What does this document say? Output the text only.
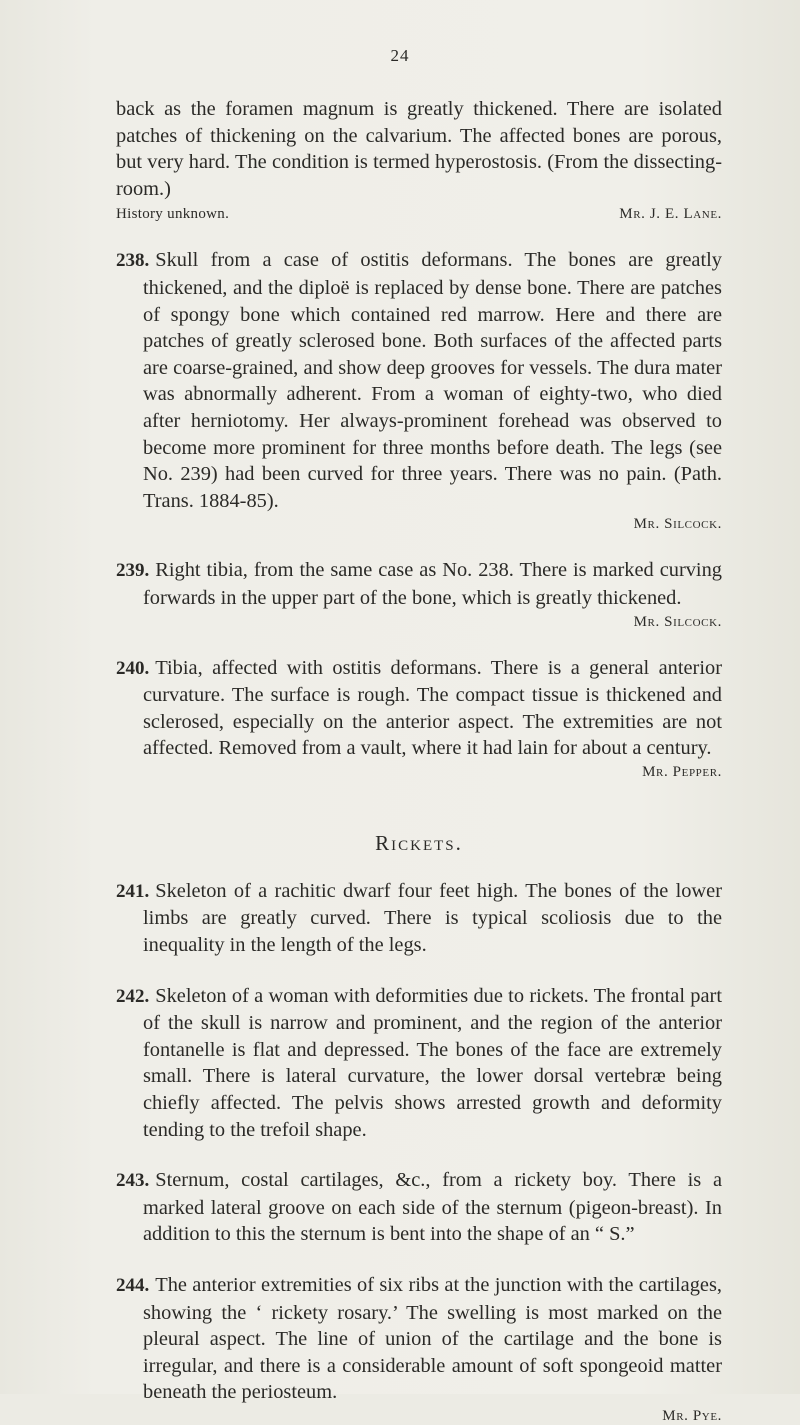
24

back as the foramen magnum is greatly thickened. There are isolated patches of thickening on the calvarium. The affected bones are porous, but very hard. The condition is termed hyperostosis. (From the dissecting-room.)

History unknown.	Mr. J. E. Lane.

238. Skull from a case of ostitis deformans. The bones are greatly thickened, and the diploë is replaced by dense bone. There are patches of spongy bone which contained red marrow. Here and there are patches of greatly sclerosed bone. Both surfaces of the affected parts are coarse-grained, and show deep grooves for vessels. The dura mater was abnormally adherent. From a woman of eighty-two, who died after herniotomy. Her always-prominent forehead was observed to become more prominent for three months before death. The legs (see No. 239) had been curved for three years. There was no pain. (Path. Trans. 1884-85).

Mr. Silcock.

239. Right tibia, from the same case as No. 238. There is marked curving forwards in the upper part of the bone, which is greatly thickened.

Mr. Silcock.

240. Tibia, affected with ostitis deformans. There is a general anterior curvature. The surface is rough. The compact tissue is thickened and sclerosed, especially on the anterior aspect. The extremities are not affected. Removed from a vault, where it had lain for about a century.

Mr. Pepper.
Rickets.

241. Skeleton of a rachitic dwarf four feet high. The bones of the lower limbs are greatly curved. There is typical scoliosis due to the inequality in the length of the legs.

242. Skeleton of a woman with deformities due to rickets. The frontal part of the skull is narrow and prominent, and the region of the anterior fontanelle is flat and depressed. The bones of the face are extremely small. There is lateral curvature, the lower dorsal vertebræ being chiefly affected. The pelvis shows arrested growth and deformity tending to the trefoil shape.

243. Sternum, costal cartilages, &c., from a rickety boy. There is a marked lateral groove on each side of the sternum (pigeon-breast). In addition to this the sternum is bent into the shape of an “ S.”

244. The anterior extremities of six ribs at the junction with the cartilages, showing the ‘ rickety rosary.’ The swelling is most marked on the pleural aspect. The line of union of the cartilage and the bone is irregular, and there is a considerable amount of soft spongeoid matter beneath the periosteum.

Mr. Pye.
